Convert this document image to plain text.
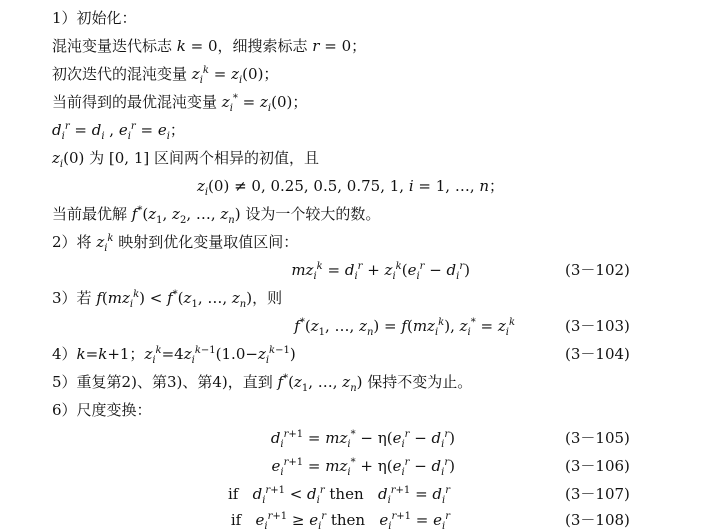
1）初始化：
混沌变量迭代标志 k = 0，细搜索标志 r = 0；
初次迭代的混沌变量 $z_i^k = z_i(0)$；
当前得到的最优混沌变量 $z_i^* = z_i(0)$；
$d_i^r = d_i$ , $e_i^r = e_i$；
$z_i(0)$ 为 [0, 1] 区间两个相异的初值，且
$z_i(0) \ne 0$, 0.25, 0.5, 0.75, 1, i = 1, …, n；
当前最优解 $f^*(z_1$, $z_2$, …, $z_n$) 设为一个较大的数。
2）将 $z_i^k$ 映射到优化变量取值区间：
$mz_i^k = d_i^r + z_i^k(e_i^r - d_i^r)$	(3－102)
3）若 $f(mz_i^k) < f^*(z_1$, …, $z_n$)，则
$f^*(z_1$, …, $z_n) = f(mz_i^k)$, $z_i^* = z_i^k$	(3－103)
4）k=k+1；$z_i^k=4z_i^{k-1}(1.0-z_i^{k-1})$	(3－104)
5）重复第2)、第3)、第4)，直到 $f^*(z_1$, …, $z_n$) 保持不变为止。
6）尺度变换：
$d_i^{r+1} = mz_i^* - \eta(e_i^r - d_i^r)$	(3－105)
$e_i^{r+1} = mz_i^* + \eta(e_i^r - d_i^r)$	(3－106)
if   $d_i^{r+1} < d_i^r$ then   $d_i^{r+1} = d_i^r$	(3－107)
if   $e_i^{r+1} \ge e_i^r$ then   $e_i^{r+1} = e_i^r$	(3－108)
